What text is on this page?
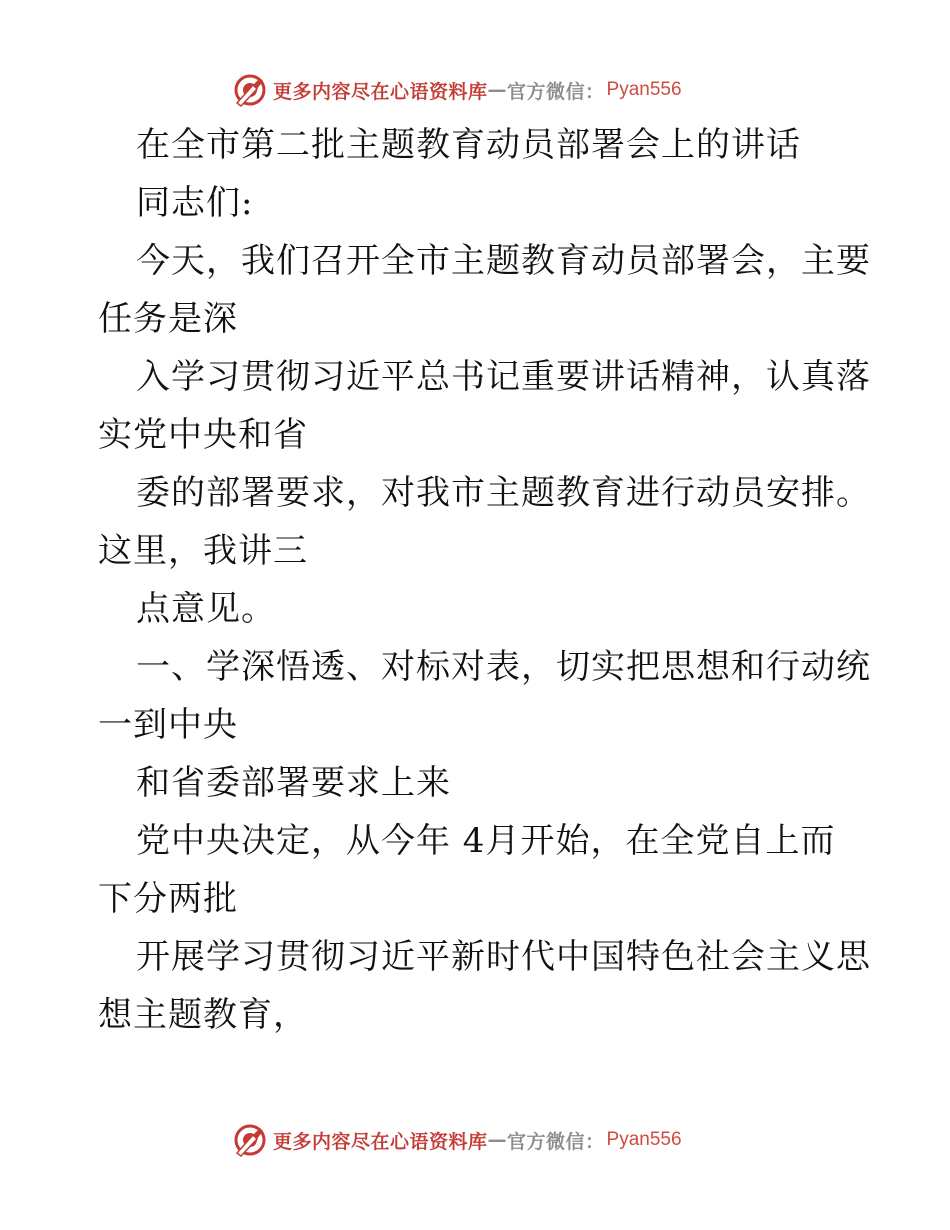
更多内容尽在心语资料库 — 官方微信： Pyan556
在全市第二批主题教育动员部署会上的讲话
同志们:
今天，我们召开全市主题教育动员部署会，主要
任务是深
入学习贯彻习近平总书记重要讲话精神，认真落
实党中央和省
委的部署要求，对我市主题教育进行动员安排。
这里，我讲三
点意见。
一、学深悟透、对标对表，切实把思想和行动统
一到中央
和省委部署要求上来
党中央决定，从今年 4月开始，在全党自上而
下分两批
开展学习贯彻习近平新时代中国特色社会主义思
想主题教育，
更多内容尽在心语资料库 — 官方微信： Pyan556
